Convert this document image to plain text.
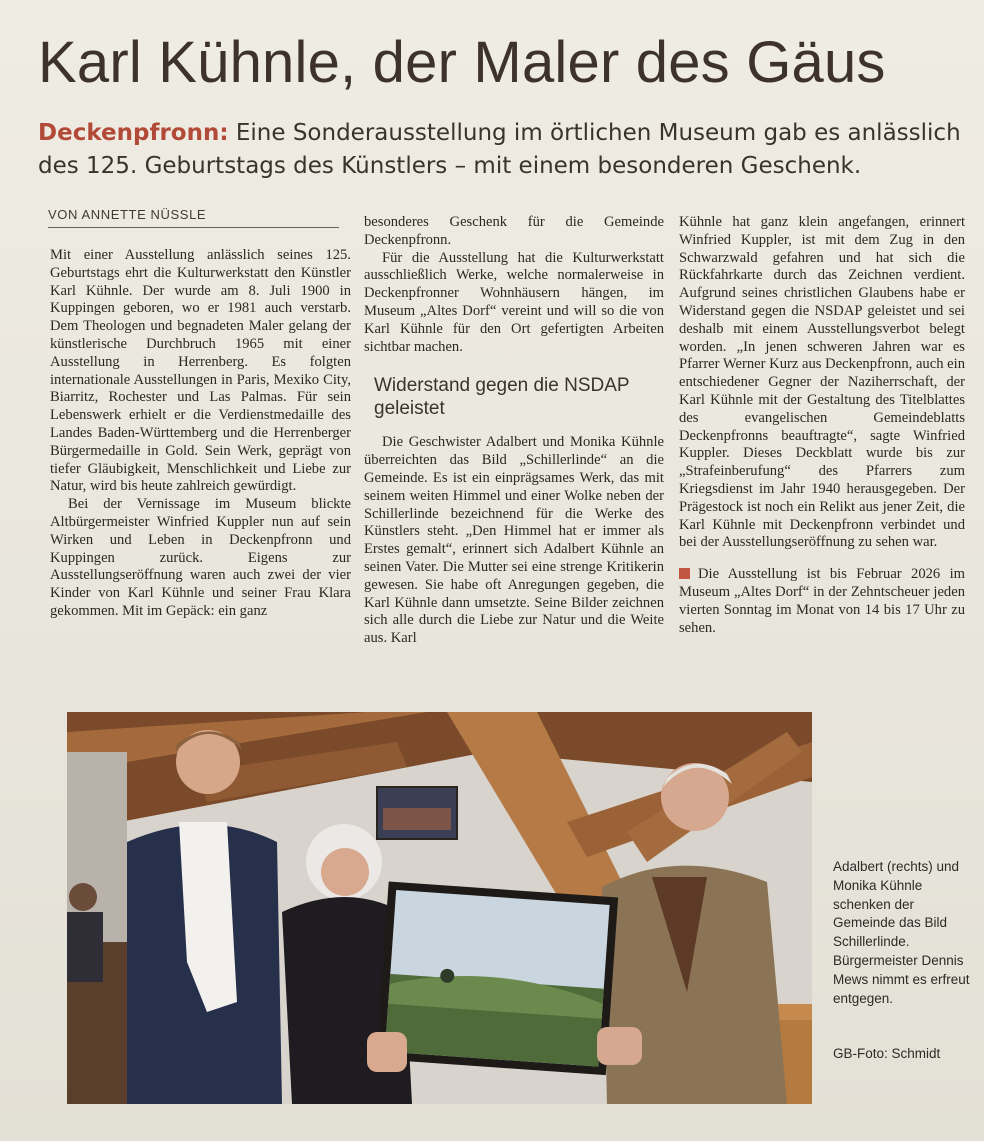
Karl Kühnle, der Maler des Gäus
Deckenpfronn: Eine Sonderausstellung im örtlichen Museum gab es anlässlich des 125. Geburtstags des Künstlers – mit einem besonderen Geschenk.
VON ANNETTE NÜSSLE

Mit einer Ausstellung anlässlich seines 125. Geburtstags ehrt die Kulturwerkstatt den Künstler Karl Kühnle. Der wurde am 8. Juli 1900 in Kuppingen geboren, wo er 1981 auch verstarb. Dem Theologen und begnadeten Maler gelang der künstlerische Durchbruch 1965 mit einer Ausstellung in Herrenberg. Es folgten internationale Ausstellungen in Paris, Mexiko City, Biarritz, Rochester und Las Palmas. Für sein Lebenswerk erhielt er die Verdienstmedaille des Landes Baden-Württemberg und die Herrenberger Bürgermedaille in Gold. Sein Werk, geprägt von tiefer Gläubigkeit, Menschlichkeit und Liebe zur Natur, wird bis heute zahlreich gewürdigt.

Bei der Vernissage im Museum blickte Altbürgermeister Winfried Kuppler nun auf sein Wirken und Leben in Deckenpfronn und Kuppingen zurück. Eigens zur Ausstellungseröffnung waren auch zwei der vier Kinder von Karl Kühnle und seiner Frau Klara gekommen. Mit im Gepäck: ein ganz

besonderes Geschenk für die Gemeinde Deckenpfronn.

Für die Ausstellung hat die Kulturwerkstatt ausschließlich Werke, welche normalerweise in Deckenpfronner Wohnhäusern hängen, im Museum „Altes Dorf“ vereint und will so die von Karl Kühnle für den Ort gefertigten Arbeiten sichtbar machen.

Widerstand gegen die NSDAP geleistet

Die Geschwister Adalbert und Monika Kühnle überreichten das Bild „Schillerlinde“ an die Gemeinde. Es ist ein einprägsames Werk, das mit seinem weiten Himmel und einer Wolke neben der Schillerlinde bezeichnend für die Werke des Künstlers steht. „Den Himmel hat er immer als Erstes gemalt“, erinnert sich Adalbert Kühnle an seinen Vater. Die Mutter sei eine strenge Kritikerin gewesen. Sie habe oft Anregungen gegeben, die Karl Kühnle dann umsetzte. Seine Bilder zeichnen sich alle durch die Liebe zur Natur und die Weite aus. Karl

Kühnle hat ganz klein angefangen, erinnert Winfried Kuppler, ist mit dem Zug in den Schwarzwald gefahren und hat sich die Rückfahrkarte durch das Zeichnen verdient. Aufgrund seines christlichen Glaubens habe er Widerstand gegen die NSDAP geleistet und sei deshalb mit einem Ausstellungsverbot belegt worden. „In jenen schweren Jahren war es Pfarrer Werner Kurz aus Deckenpfronn, auch ein entschiedener Gegner der Naziherrschaft, der Karl Kühnle mit der Gestaltung des Titelblattes des evangelischen Gemeindeblatts Deckenpfronns beauftragte“, sagte Winfried Kuppler. Dieses Deckblatt wurde bis zur „Strafeinberufung“ des Pfarrers zum Kriegsdienst im Jahr 1940 herausgegeben. Der Prägestock ist noch ein Relikt aus jener Zeit, die Karl Kühnle mit Deckenpfronn verbindet und bei der Ausstellungseröffnung zu sehen war.

Die Ausstellung ist bis Februar 2026 im Museum „Altes Dorf“ in der Zehntscheuer jeden vierten Sonntag im Monat von 14 bis 17 Uhr zu sehen.

Adalbert (rechts) und Monika Kühnle schenken der Gemeinde das Bild Schillerlinde. Bürgermeister Dennis Mews nimmt es erfreut entgegen.
GB-Foto: Schmidt
